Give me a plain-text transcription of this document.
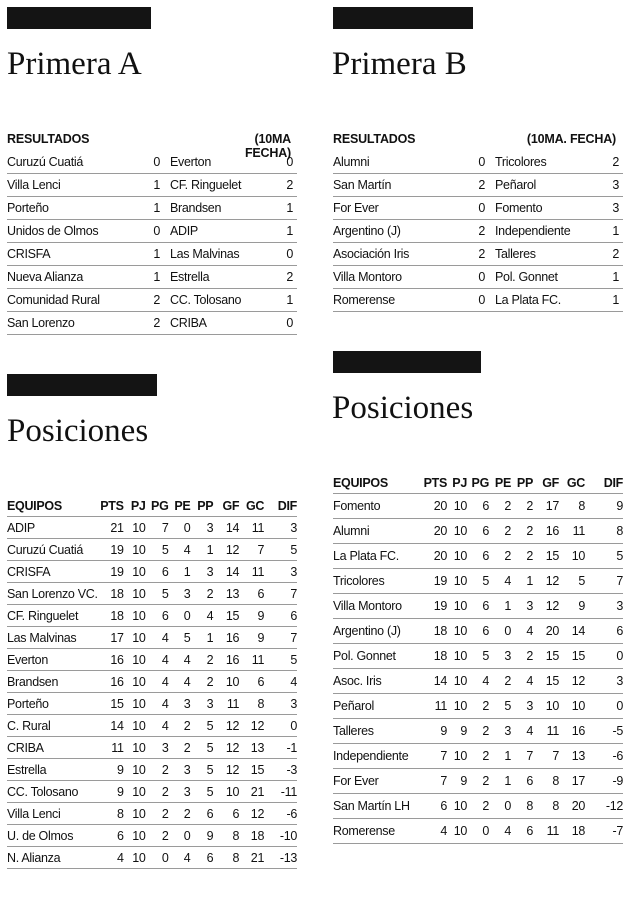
Primera A
RESULTADOS	(10MA FECHA)
Curuzú Cuatiá	0	Everton	0
Villa Lenci	1	CF. Ringuelet	2
Porteño	1	Brandsen	1
Unidos de Olmos	0	ADIP	1
CRISFA	1	Las Malvinas	0
Nueva Alianza	1	Estrella	2
Comunidad Rural	2	CC. Tolosano	1
San Lorenzo	2	CRIBA	0
Posiciones
EQUIPOS	PTS	PJ	PG	PE	PP	GF	GC	DIF
ADIP	21	10	7	0	3	14	11	3
Curuzú Cuatiá	19	10	5	4	1	12	7	5
CRISFA	19	10	6	1	3	14	11	3
San Lorenzo VC.	18	10	5	3	2	13	6	7
CF. Ringuelet	18	10	6	0	4	15	9	6
Las Malvinas	17	10	4	5	1	16	9	7
Everton	16	10	4	4	2	16	11	5
Brandsen	16	10	4	4	2	10	6	4
Porteño	15	10	4	3	3	11	8	3
C. Rural	14	10	4	2	5	12	12	0
CRIBA	11	10	3	2	5	12	13	-1
Estrella	9	10	2	3	5	12	15	-3
CC. Tolosano	9	10	2	3	5	10	21	-11
Villa Lenci	8	10	2	2	6	6	12	-6
U. de Olmos	6	10	2	0	9	8	18	-10
N. Alianza	4	10	0	4	6	8	21	-13
Primera B
RESULTADOS	(10MA. FECHA)
Alumni	0	Tricolores	2
San Martín	2	Peñarol	3
For Ever	0	Fomento	3
Argentino (J)	2	Independiente	1
Asociación Iris	2	Talleres	2
Villa Montoro	0	Pol. Gonnet	1
Romerense	0	La Plata FC.	1
Posiciones
EQUIPOS	PTS	PJ	PG	PE	PP	GF	GC	DIF
Fomento	20	10	6	2	2	17	8	9
Alumni	20	10	6	2	2	16	11	8
La Plata FC.	20	10	6	2	2	15	10	5
Tricolores	19	10	5	4	1	12	5	7
Villa Montoro	19	10	6	1	3	12	9	3
Argentino (J)	18	10	6	0	4	20	14	6
Pol. Gonnet	18	10	5	3	2	15	15	0
Asoc. Iris	14	10	4	2	4	15	12	3
Peñarol	11	10	2	5	3	10	10	0
Talleres	9	9	2	3	4	11	16	-5
Independiente	7	10	2	1	7	7	13	-6
For Ever	7	9	2	1	6	8	17	-9
San Martín LH	6	10	2	0	8	8	20	-12
Romerense	4	10	0	4	6	11	18	-7
